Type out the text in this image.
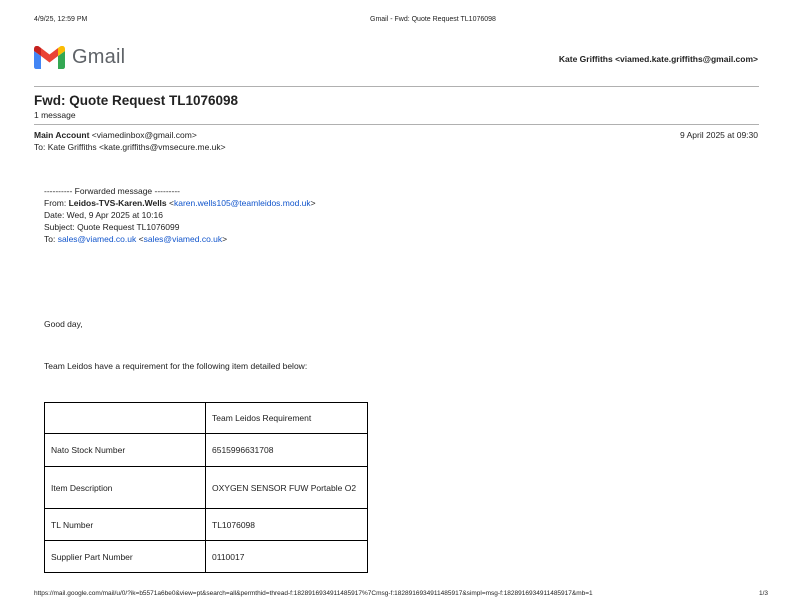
4/9/25, 12:59 PM	Gmail - Fwd: Quote Request TL1076098
Gmail	Kate Griffiths <viamed.kate.griffiths@gmail.com>
Fwd: Quote Request TL1076098
1 message
Main Account <viamedinbox@gmail.com>	9 April 2025 at 09:30
To: Kate Griffiths <kate.griffiths@vmsecure.me.uk>
---------- Forwarded message ---------
From: Leidos-TVS-Karen.Wells <karen.wells105@teamleidos.mod.uk>
Date: Wed, 9 Apr 2025 at 10:16
Subject: Quote Request TL1076099
To: sales@viamed.co.uk <sales@viamed.co.uk>
Good day,
Team Leidos have a requirement for the following item detailed below:
	Team Leidos Requirement
Nato Stock Number	6515996631708
Item Description	OXYGEN SENSOR FUW Portable O2
TL Number	TL1076098
Supplier Part Number	0110017
https://mail.google.com/mail/u/0/?ik=b5571a6be0&view=pt&search=all&permthid=thread-f:1828916934911485917%7Cmsg-f:1828916934911485917&simpl=msg-f:1828916934911485917&mb=1	1/3
